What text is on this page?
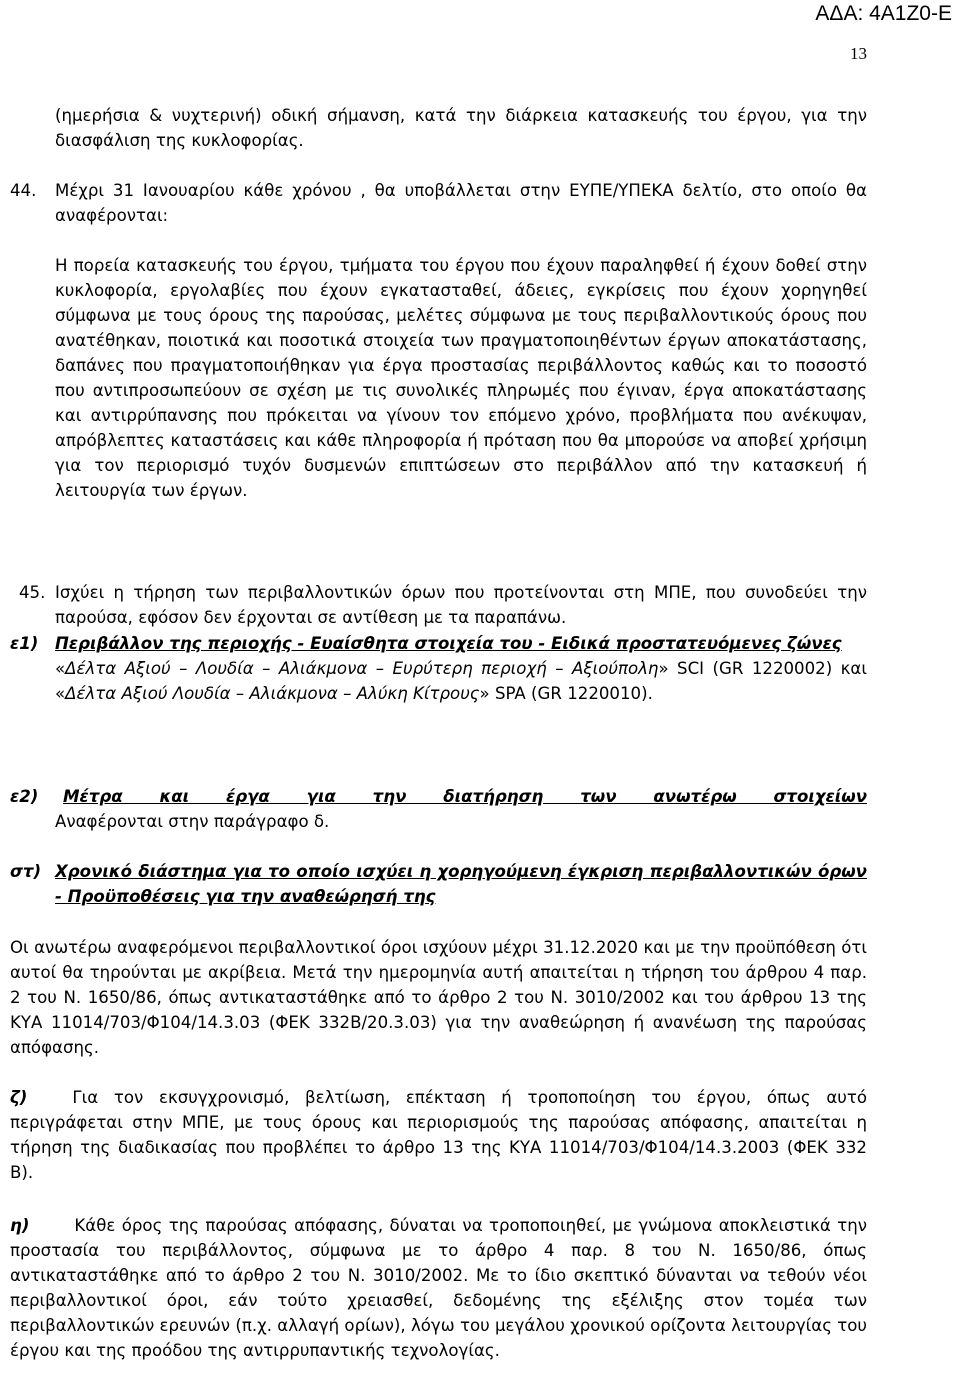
ΑΔΑ: 4Α1Ζ0-Ε
13

(ημερήσια & νυχτερινή) οδική σήμανση, κατά την διάρκεια κατασκευής του έργου, για την διασφάλιση της κυκλοφορίας.

44. Μέχρι 31 Ιανουαρίου κάθε χρόνου , θα υποβάλλεται στην ΕΥΠΕ/ΥΠΕΚΑ δελτίο, στο οποίο θα αναφέρονται:

Η πορεία κατασκευής του έργου, τμήματα του έργου που έχουν παραληφθεί ή έχουν δοθεί στην κυκλοφορία, εργολαβίες που έχουν εγκατασταθεί, άδειες, εγκρίσεις που έχουν χορηγηθεί σύμφωνα με τους όρους της παρούσας, μελέτες σύμφωνα με τους περιβαλλοντικούς όρους που ανατέθηκαν, ποιοτικά και ποσοτικά στοιχεία των πραγματοποιηθέντων έργων αποκατάστασης, δαπάνες που πραγματοποιήθηκαν για έργα προστασίας περιβάλλοντος καθώς και το ποσοστό που αντιπροσωπεύουν σε σχέση με τις συνολικές πληρωμές που έγιναν, έργα αποκατάστασης και αντιρρύπανσης που πρόκειται να γίνουν τον επόμενο χρόνο, προβλήματα που ανέκυψαν, απρόβλεπτες καταστάσεις και κάθε πληροφορία ή πρόταση που θα μπορούσε να αποβεί χρήσιμη για τον περιορισμό τυχόν δυσμενών επιπτώσεων στο περιβάλλον από την κατασκευή ή λειτουργία των έργων.

45. Ισχύει η τήρηση των περιβαλλοντικών όρων που προτείνονται στη ΜΠΕ, που συνοδεύει την παρούσα, εφόσον δεν έρχονται σε αντίθεση με τα παραπάνω.

ε1) Περιβάλλον της περιοχής - Ευαίσθητα στοιχεία του - Ειδικά προστατευόμενες ζώνες

«Δέλτα Αξιού – Λουδία – Αλιάκμονα – Ευρύτερη περιοχή – Αξιούπολη» SCI (GR 1220002) και «Δέλτα Αξιού Λουδία – Αλιάκμονα – Αλύκη Κίτρους» SPA (GR 1220010).

ε2)	Μέτρα και έργα για την διατήρηση των ανωτέρω στοιχείων

Αναφέρονται στην παράγραφο δ.

στ) Χρονικό διάστημα για το οποίο ισχύει η χορηγούμενη έγκριση περιβαλλοντικών όρων - Προϋποθέσεις για την αναθεώρησή της

Οι ανωτέρω αναφερόμενοι περιβαλλοντικοί όροι ισχύουν μέχρι 31.12.2020 και με την προϋπόθεση ότι αυτοί θα τηρούνται με ακρίβεια. Μετά την ημερομηνία αυτή απαιτείται η τήρηση του άρθρου 4 παρ. 2 του Ν. 1650/86, όπως αντικαταστάθηκε από το άρθρο 2 του Ν. 3010/2002 και του άρθρου 13 της ΚΥΑ 11014/703/Φ104/14.3.03 (ΦΕΚ 332Β/20.3.03) για την αναθεώρηση ή ανανέωση της παρούσας απόφασης.

ζ)	Για τον εκσυγχρονισμό, βελτίωση, επέκταση ή τροποποίηση του έργου, όπως αυτό περιγράφεται στην ΜΠΕ, με τους όρους και περιορισμούς της παρούσας απόφασης, απαιτείται η τήρηση της διαδικασίας που προβλέπει το άρθρο 13 της ΚΥΑ 11014/703/Φ104/14.3.2003 (ΦΕΚ 332 Β).

η)	Κάθε όρος της παρούσας απόφασης, δύναται να τροποποιηθεί, με γνώμονα αποκλειστικά την προστασία του περιβάλλοντος, σύμφωνα με το άρθρο 4 παρ. 8 του Ν. 1650/86, όπως αντικαταστάθηκε από το άρθρο 2 του Ν. 3010/2002. Με το ίδιο σκεπτικό δύνανται να τεθούν νέοι περιβαλλοντικοί όροι, εάν τούτο χρειασθεί, δεδομένης της εξέλιξης στον τομέα των περιβαλλοντικών ερευνών (π.χ. αλλαγή ορίων), λόγω του μεγάλου χρονικού ορίζοντα λειτουργίας του έργου και της προόδου της αντιρρυπαντικής τεχνολογίας.
